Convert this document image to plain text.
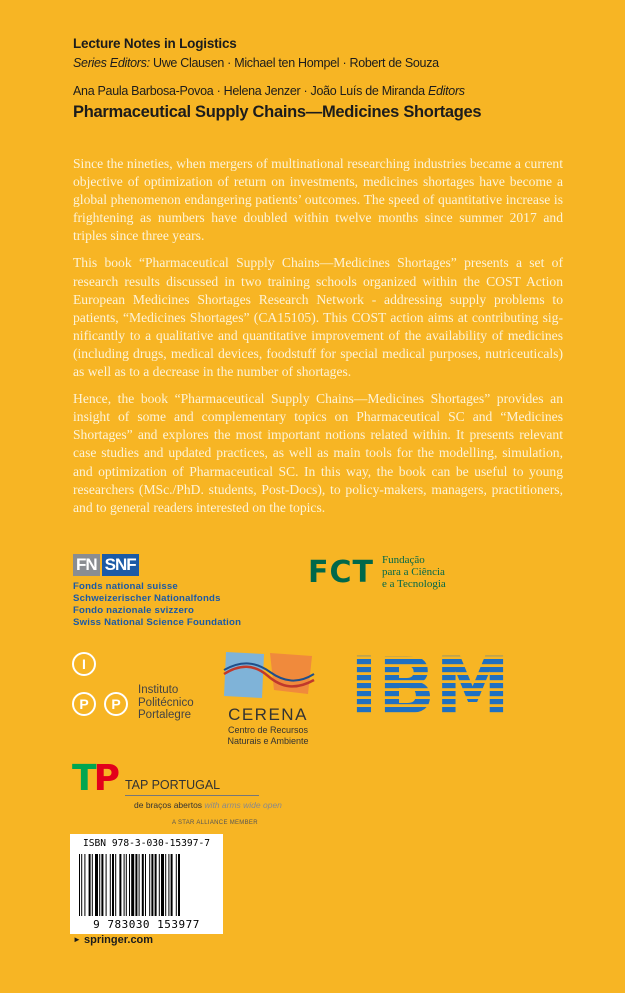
Lecture Notes in Logistics
Series Editors: Uwe Clausen · Michael ten Hompel · Robert de Souza
Ana Paula Barbosa-Povoa · Helena Jenzer · João Luís de Miranda Editors
Pharmaceutical Supply Chains—Medicines Shortages

Since the nineties, when mergers of multinational researching industries became a current objective of optimization of return on investments, medicines shortages have become a global phenomenon endangering patients’ outcomes. The speed of quantitative increase is frightening as numbers have doubled within twelve months since summer 2017 and triples since three years.

This book “Pharmaceutical Supply Chains—Medicines Shortages” presents a set of research results discussed in two training schools organized within the COST Action European Medicines Shortages Research Network - addressing supply problems to patients, “Medicines Shortages” (CA15105). This COST action aims at contributing significantly to a qualitative and quantitative improvement of the availability of medicines (including drugs, medical devices, foodstuff for special medical purposes, nutriceuticals) as well as to a decrease in the number of shortages.

Hence, the book “Pharmaceutical Supply Chains—Medicines Shortages” provides an insight of some and complementary topics on Pharmaceutical SC and “Medicines Shortages” and explores the most important notions related within. It presents relevant case studies and updated practices, as well as main tools for the modelling, simulation, and optimization of Pharmaceutical SC. In this way, the book can be useful to young researchers (MSc./PhD. students, Post-Docs), to policy-makers, managers, practitioners, and to general readers interested on the topics.

FN SNF
Fonds national suisse
Schweizerischer Nationalfonds
Fondo nazionale svizzero
Swiss National Science Foundation
FCT Fundação
para a Ciência
e a Tecnologia
I
P	P
Instituto
Politécnico
Portalegre	CERENA
Centro de Recursos
Naturais e Ambiente
IBM
TP TAP PORTUGAL
de braços abertos with arms wide open
A STAR ALLIANCE MEMBER
ISBN 978-3-030-15397-7
9 783030 153977
► springer.com
